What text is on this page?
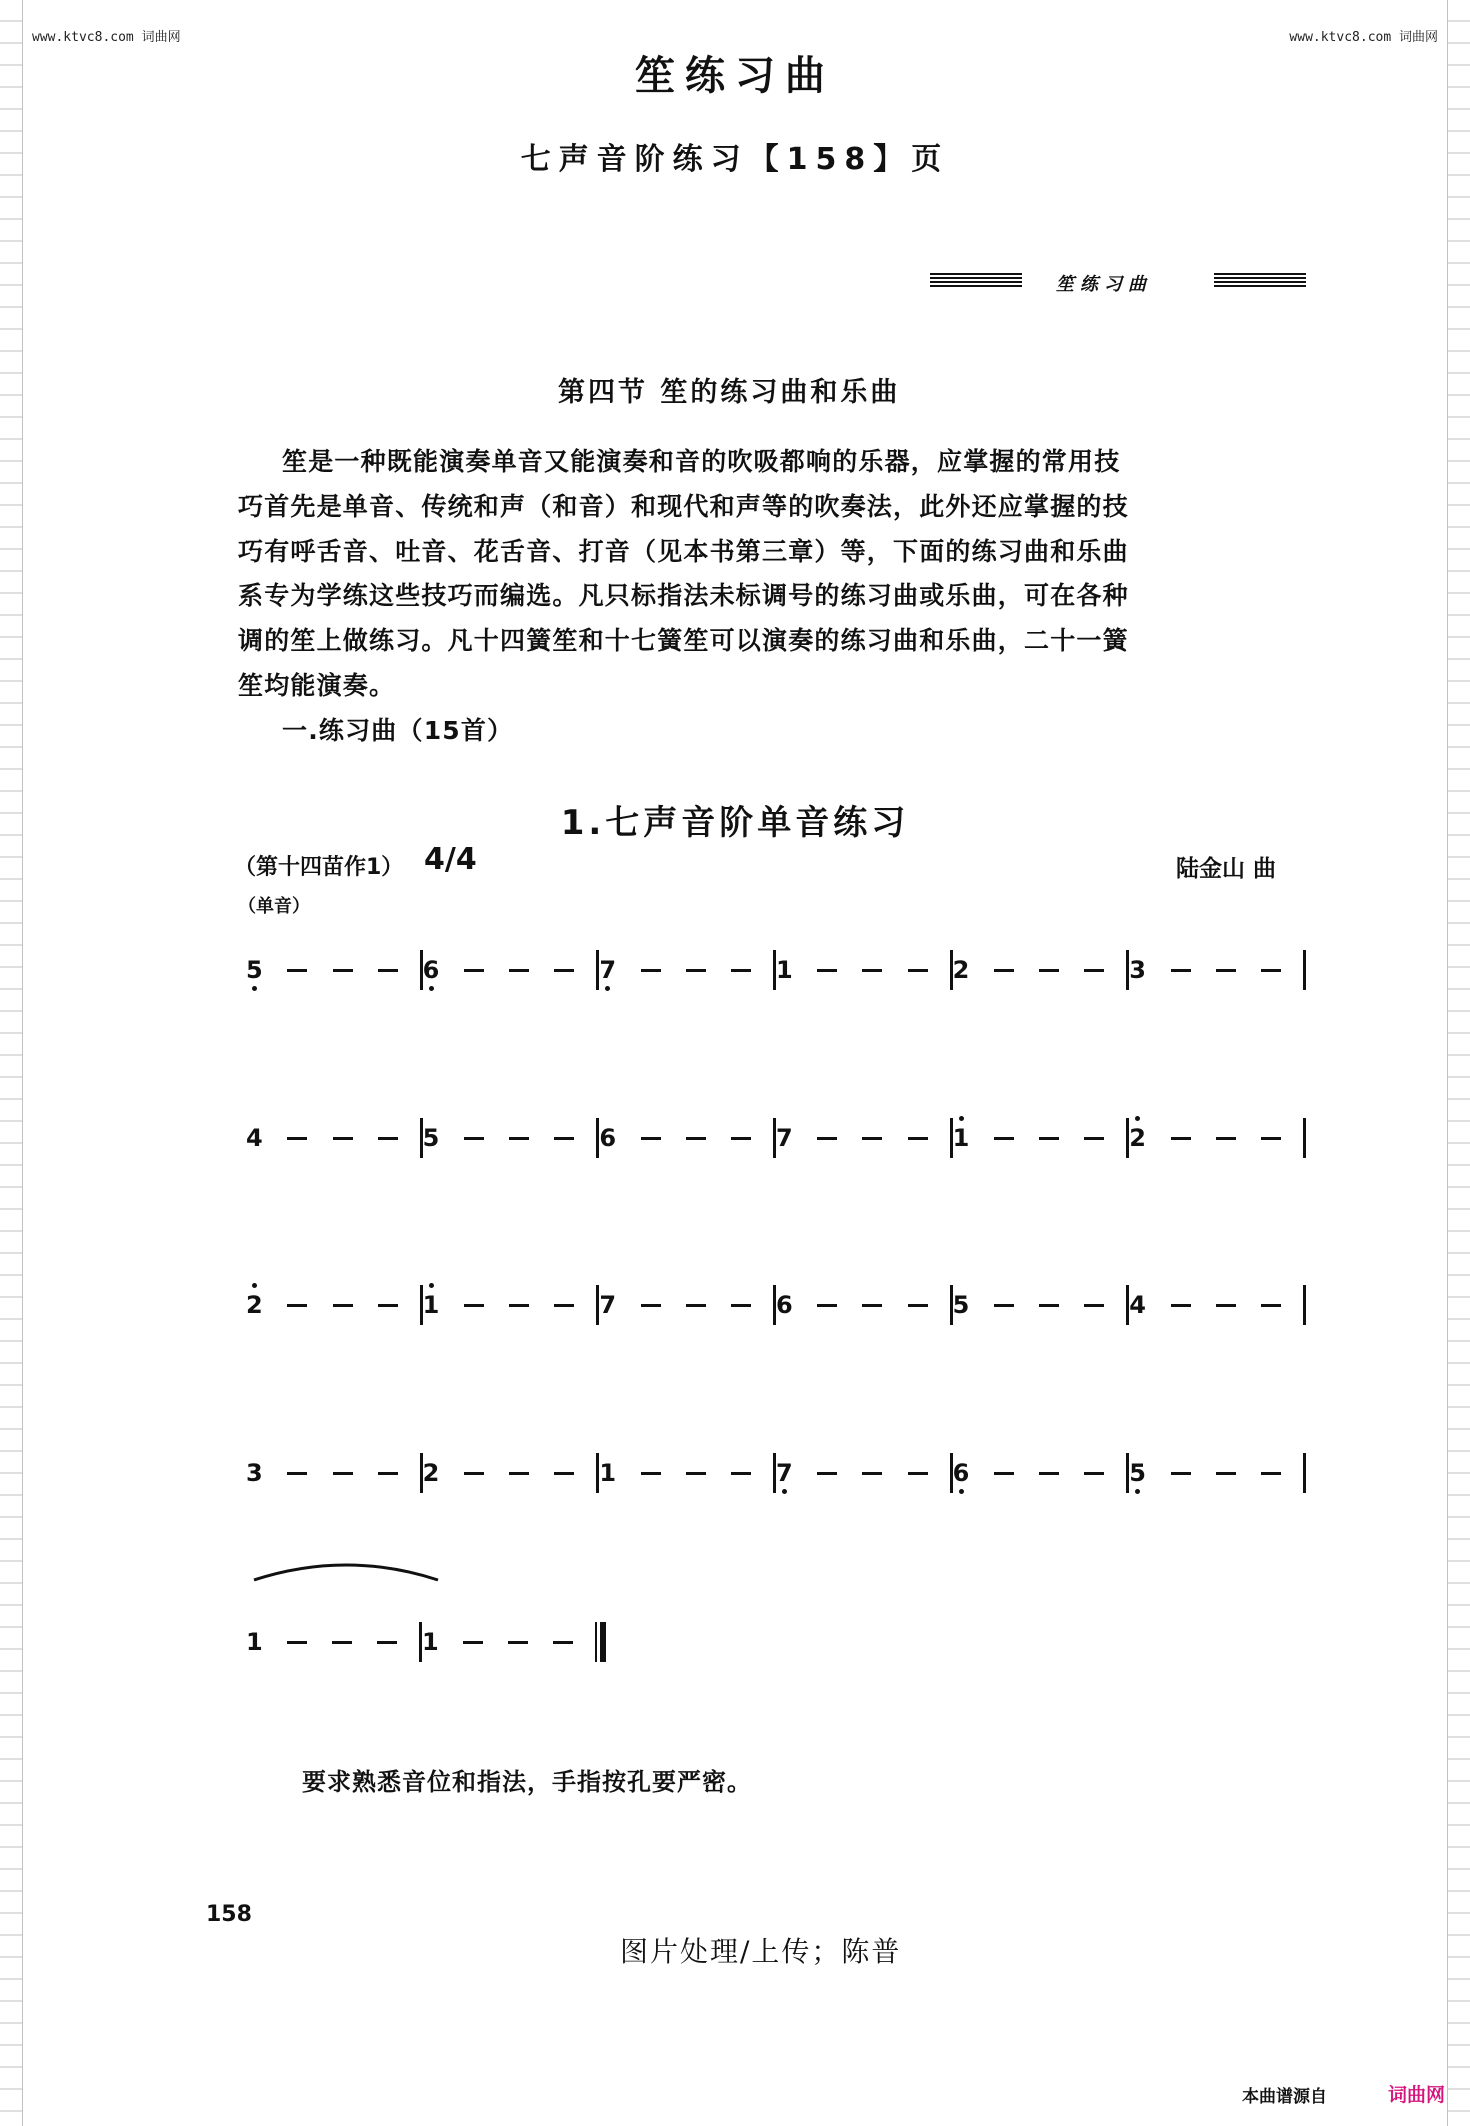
www.ktvc8.com 词曲网	www.ktvc8.com 词曲网
笙练习曲
七声音阶练习【158】页
笙练习曲
第四节 笙的练习曲和乐曲

笙是一种既能演奏单音又能演奏和音的吹吸都响的乐器，应掌握的常用技

巧首先是单音、传统和声（和音）和现代和声等的吹奏法，此外还应掌握的技

巧有呼舌音、吐音、花舌音、打音（见本书第三章）等，下面的练习曲和乐曲

系专为学练这些技巧而编选。凡只标指法未标调号的练习曲或乐曲，可在各种

调的笙上做练习。凡十四簧笙和十七簧笙可以演奏的练习曲和乐曲，二十一簧

笙均能演奏。

一.练习曲（15首）

1.七声音阶单音练习
（第十四苗作1） 4/4	陆金山 曲
（单音）
5	6	7	1	2	3
4	5	6	7	1	2
2	1	7	6	5	4
3	2	1	7	6	5
1	1
要求熟悉音位和指法，手指按孔要严密。
158
图片处理/上传；陈普
本曲谱源自	词曲网
